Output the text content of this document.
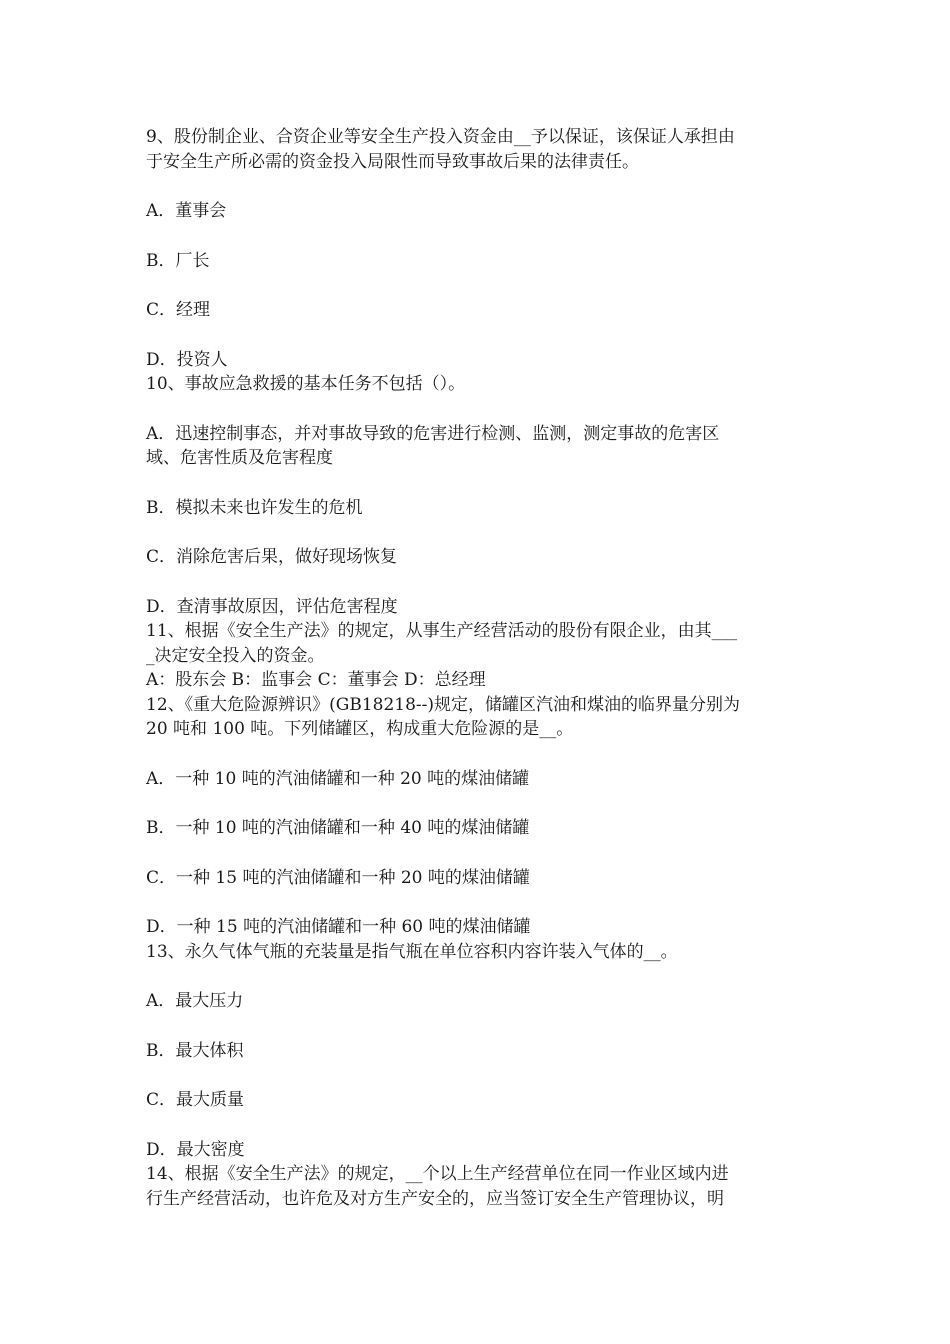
9、股份制企业、合资企业等安全生产投入资金由__予以保证，该保证人承担由
于安全生产所必需的资金投入局限性而导致事故后果的法律责任。
A．董事会
B．厂长
C．经理
D．投资人
10、事故应急救援的基本任务不包括（）。
A．迅速控制事态，并对事故导致的危害进行检测、监测，测定事故的危害区
域、危害性质及危害程度
B．模拟未来也许发生的危机
C．消除危害后果，做好现场恢复
D．查清事故原因，评估危害程度
11、根据《安全生产法》的规定，从事生产经营活动的股份有限企业，由其___
_决定安全投入的资金。
A：股东会 B：监事会 C：董事会 D：总经理
12、《重大危险源辨识》(GB18218--)规定，储罐区汽油和煤油的临界量分别为
20 吨和 100 吨。下列储罐区，构成重大危险源的是__。
A．一种 10 吨的汽油储罐和一种 20 吨的煤油储罐
B．一种 10 吨的汽油储罐和一种 40 吨的煤油储罐
C．一种 15 吨的汽油储罐和一种 20 吨的煤油储罐
D．一种 15 吨的汽油储罐和一种 60 吨的煤油储罐
13、永久气体气瓶的充装量是指气瓶在单位容积内容许装入气体的__。
A．最大压力
B．最大体积
C．最大质量
D．最大密度
14、根据《安全生产法》的规定，__个以上生产经营单位在同一作业区域内进
行生产经营活动，也许危及对方生产安全的，应当签订安全生产管理协议，明
